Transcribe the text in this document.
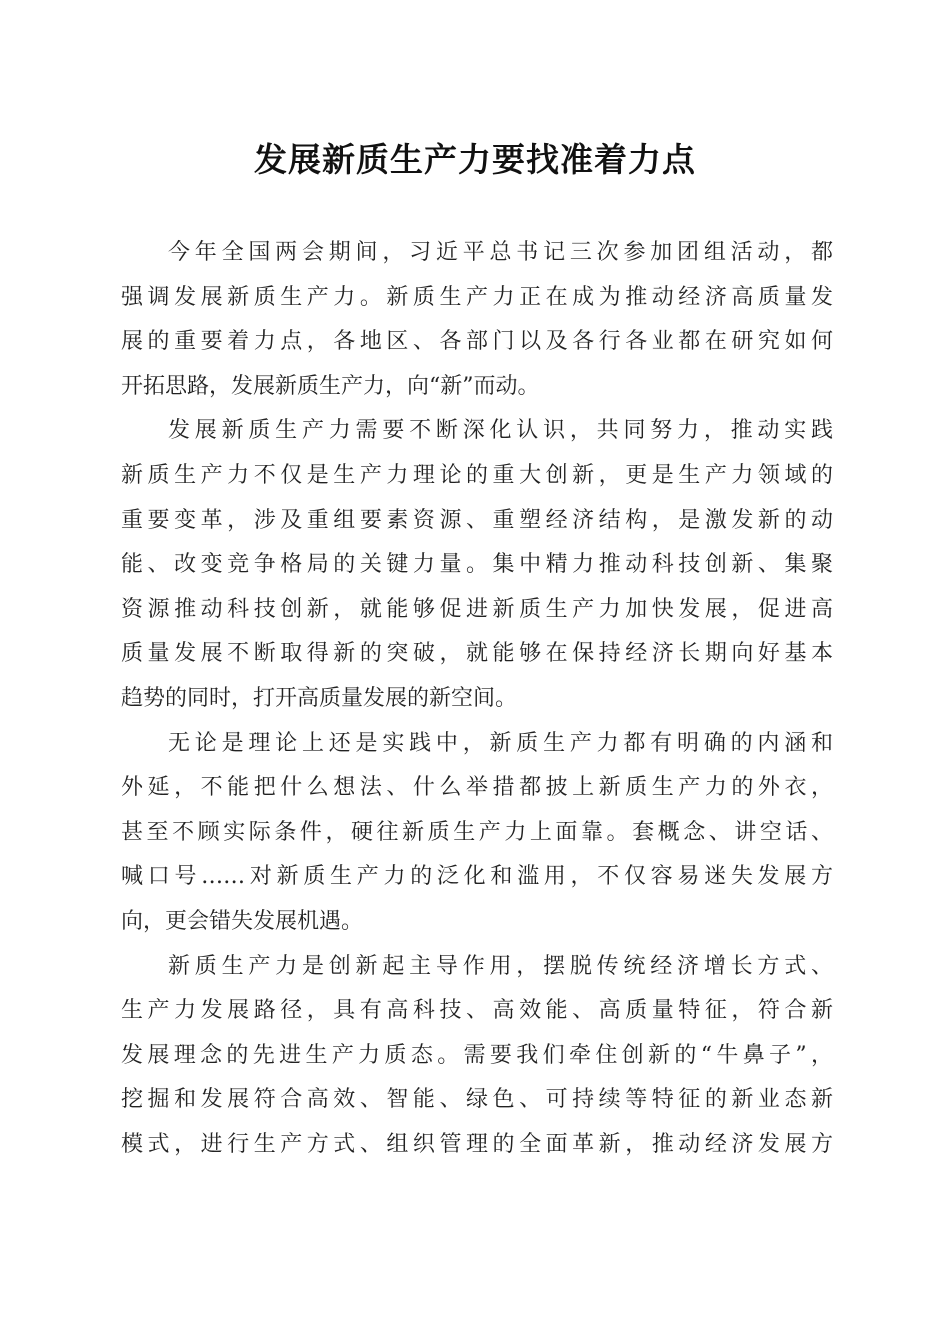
发展新质生产力要找准着力点
今年全国两会期间，习近平总书记三次参加团组活动，都
强调发展新质生产力。新质生产力正在成为推动经济高质量发
展的重要着力点，各地区、各部门以及各行各业都在研究如何
开拓思路，发展新质生产力，向“新”而动。
发展新质生产力需要不断深化认识，共同努力，推动实践
新质生产力不仅是生产力理论的重大创新，更是生产力领域的
重要变革，涉及重组要素资源、重塑经济结构，是激发新的动
能、改变竞争格局的关键力量。集中精力推动科技创新、集聚
资源推动科技创新，就能够促进新质生产力加快发展，促进高
质量发展不断取得新的突破，就能够在保持经济长期向好基本
趋势的同时，打开高质量发展的新空间。
无论是理论上还是实践中，新质生产力都有明确的内涵和
外延，不能把什么想法、什么举措都披上新质生产力的外衣，
甚至不顾实际条件，硬往新质生产力上面靠。套概念、讲空话、
喊口号……对新质生产力的泛化和滥用，不仅容易迷失发展方
向，更会错失发展机遇。
新质生产力是创新起主导作用，摆脱传统经济增长方式、
生产力发展路径，具有高科技、高效能、高质量特征，符合新
发展理念的先进生产力质态。需要我们牵住创新的“牛鼻子”，
挖掘和发展符合高效、智能、绿色、可持续等特征的新业态新
模式，进行生产方式、组织管理的全面革新，推动经济发展方
